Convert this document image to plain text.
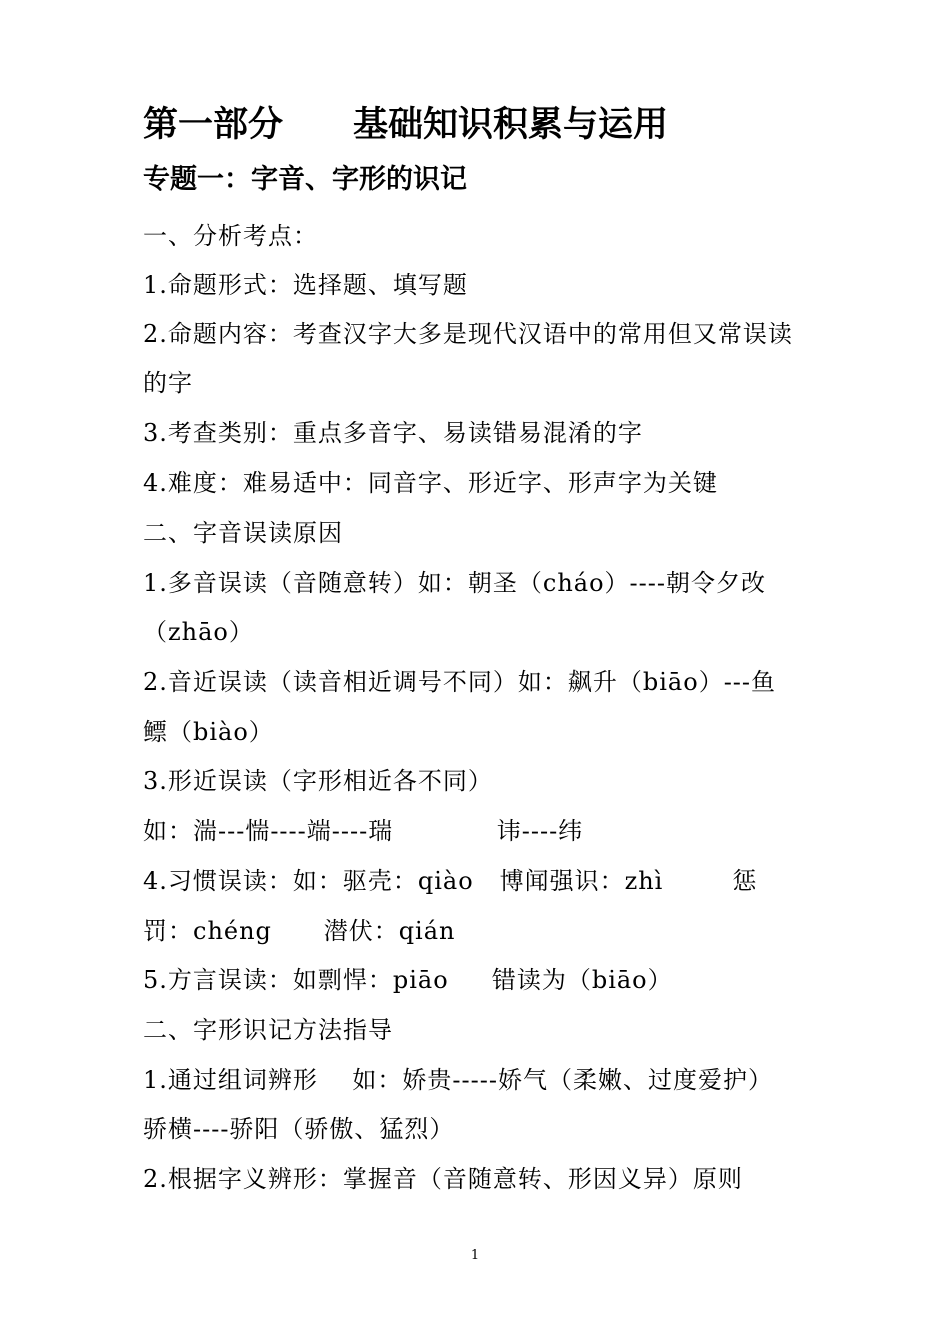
第一部分　　基础知识积累与运用
专题一：字音、字形的识记
一、分析考点：
1.命题形式：选择题、填写题
2.命题内容：考查汉字大多是现代汉语中的常用但又常误读
的字
3.考查类别：重点多音字、易读错易混淆的字
4.难度：难易适中：同音字、形近字、形声字为关键
二、字音误读原因
1.多音误读（音随意转）如：朝圣（cháo）----朝令夕改
（zhāo）
2.音近误读（读音相近调号不同）如：飙升（biāo）---鱼
鳔（biào）
3.形近误读（字形相近各不同）
如：湍---惴----端----瑞            讳----纬
4.习惯误读：如：驱壳：qiào   博闻强识：zhì        惩
罚：chéng      潜伏：qián
5.方言误读：如剽悍：piāo     错读为（biāo）
二、字形识记方法指导
1.通过组词辨形    如：娇贵-----娇气（柔嫩、过度爱护）
骄横----骄阳（骄傲、猛烈）
2.根据字义辨形：掌握音（音随意转、形因义异）原则
1
